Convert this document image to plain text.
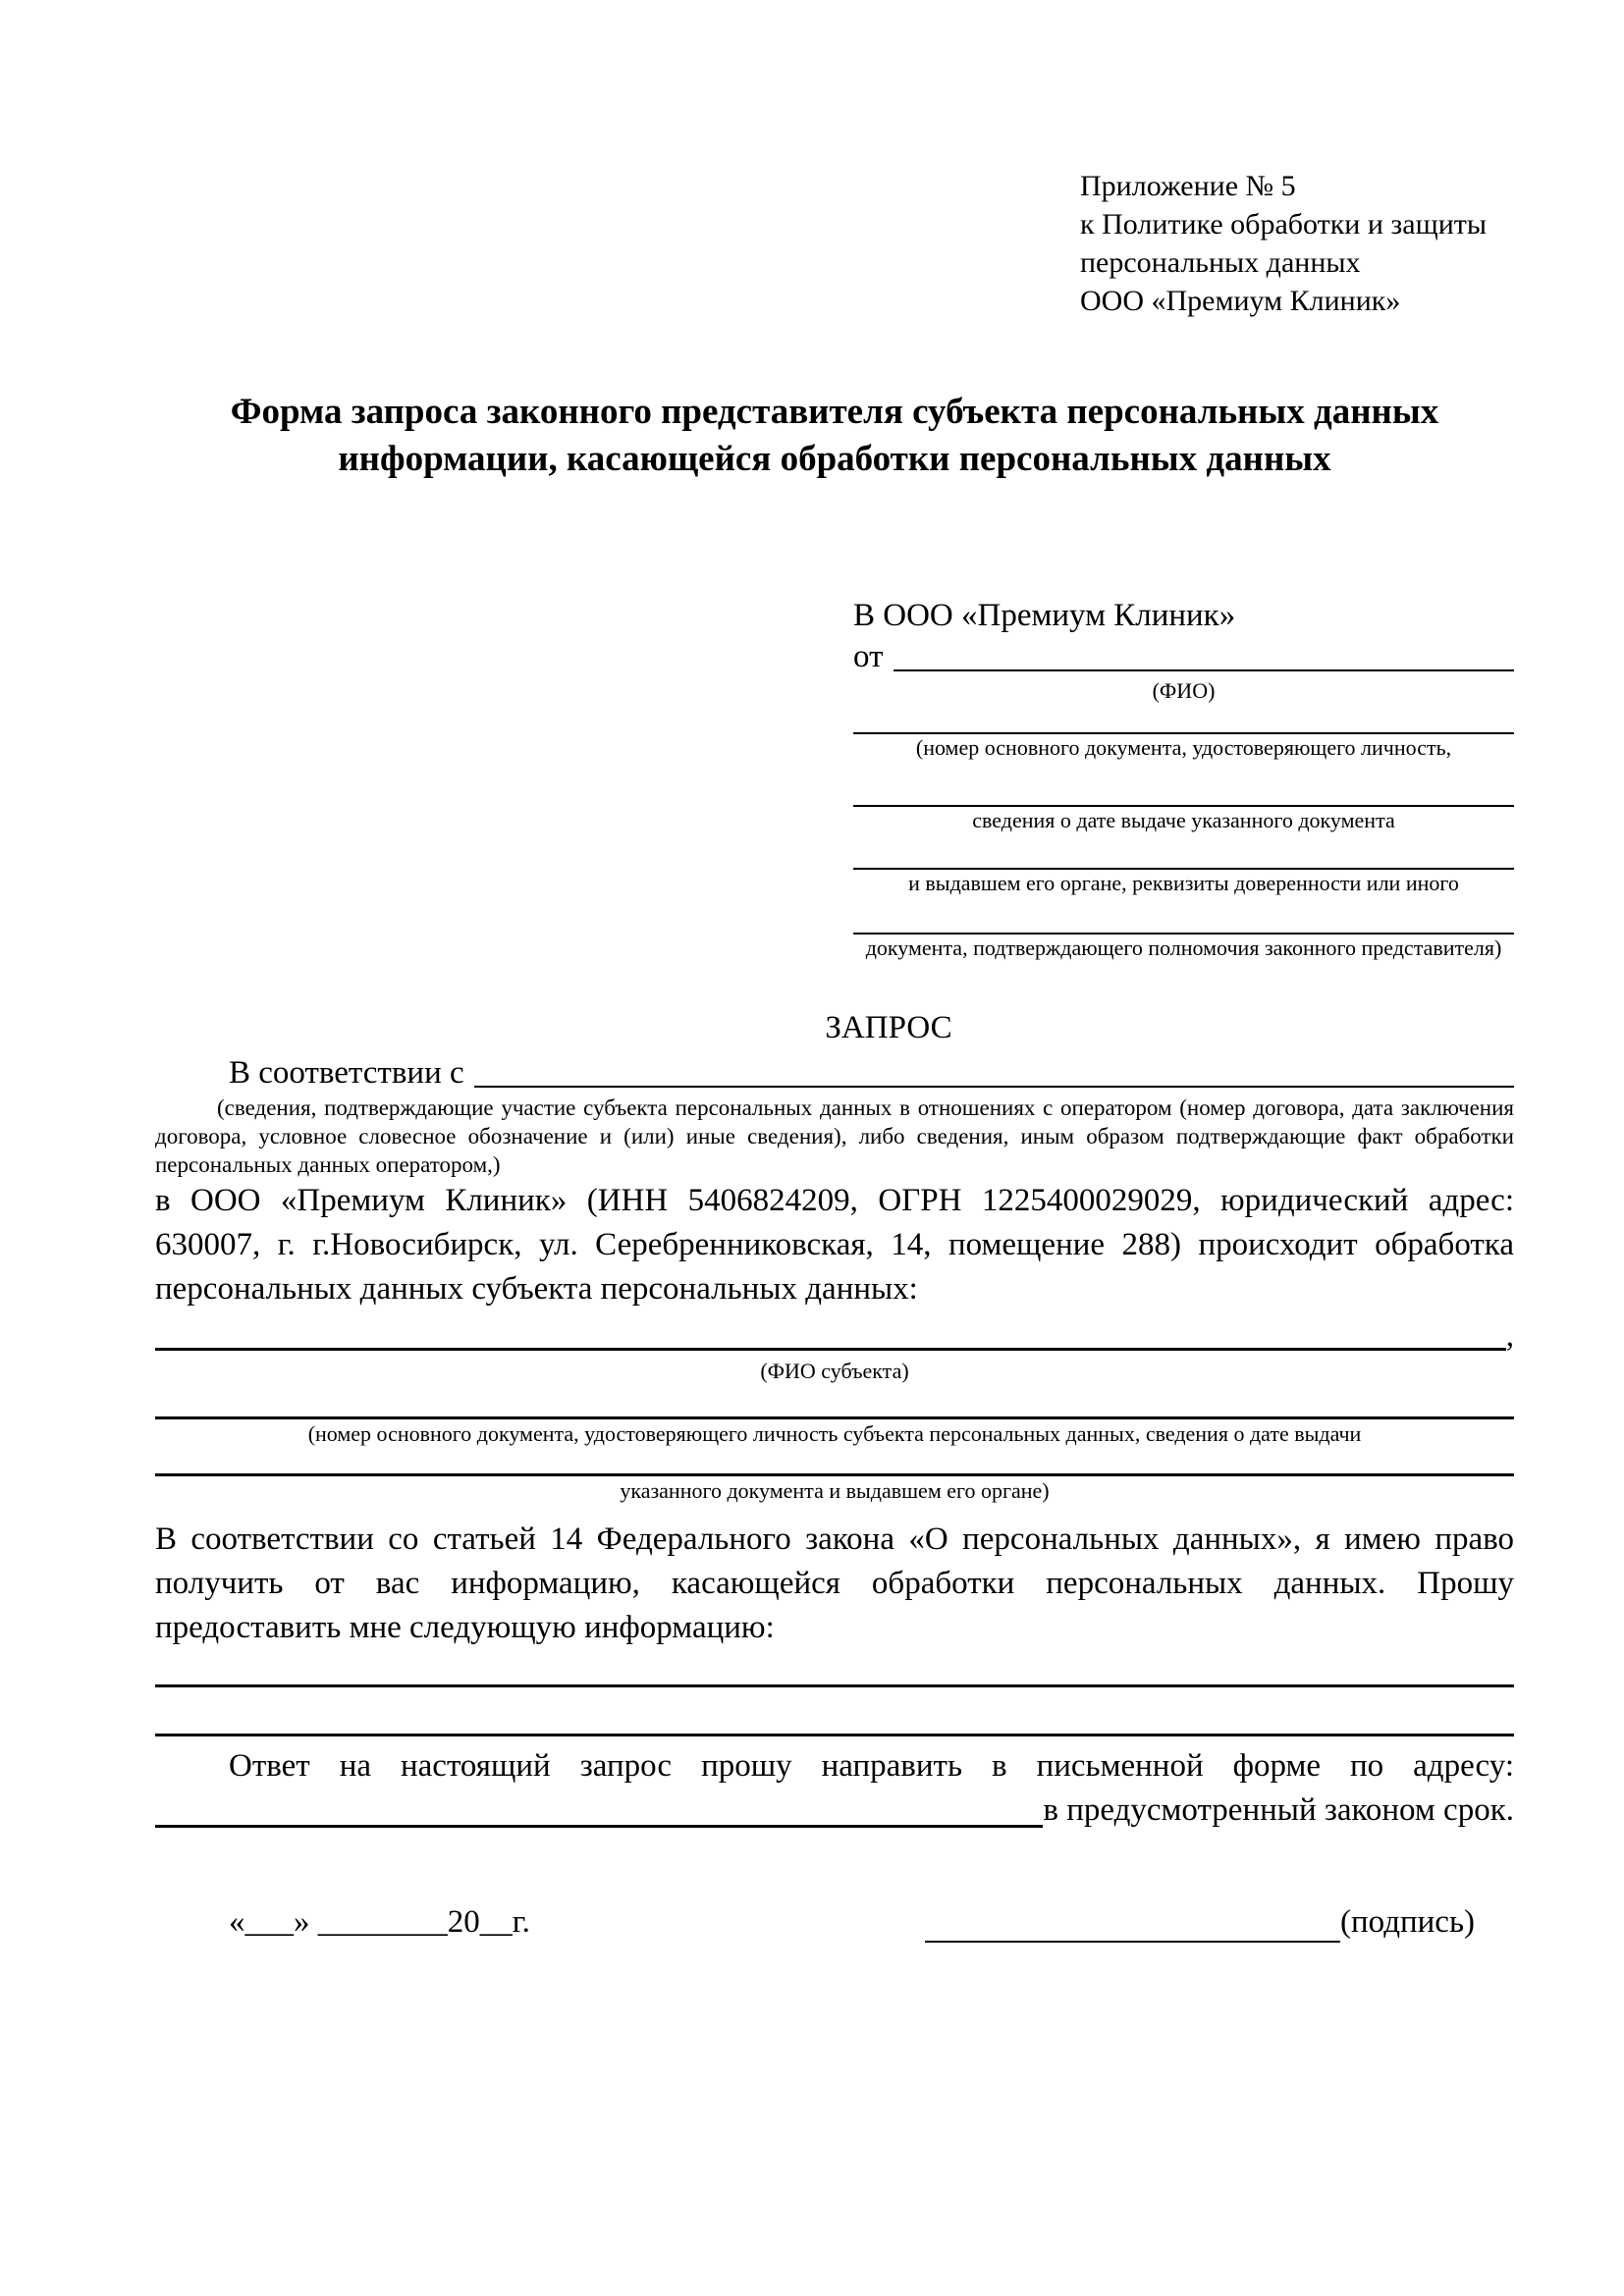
Приложение № 5
к Политике обработки и защиты
персональных данных
ООО «Премиум Клиник»
Форма запроса законного представителя субъекта персональных данных
информации, касающейся обработки персональных данных
В ООО «Премиум Клиник»
от
(ФИО)
(номер основного документа, удостоверяющего личность,
сведения о дате выдаче указанного документа
и выдавшем его органе, реквизиты доверенности или иного
документа, подтверждающего полномочия законного представителя)
ЗАПРОС
В соответствии с
(сведения, подтверждающие участие субъекта персональных данных в отношениях с оператором (номер договора, дата заключения договора, условное словесное обозначение и (или) иные сведения), либо сведения, иным образом подтверждающие факт обработки персональных данных оператором,)

в ООО «Премиум Клиник» (ИНН 5406824209, ОГРН 1225400029029, юридический адрес: 630007, г. г.Новосибирск, ул. Серебренниковская, 14, помещение 288) происходит обработка персональных данных субъекта персональных данных:

,
(ФИО субъекта)
(номер основного документа, удостоверяющего личность субъекта персональных данных, сведения о дате выдачи
указанного документа и выдавшем его органе)

В соответствии со статьей 14 Федерального закона «О персональных данных», я имею право получить от вас информацию, касающейся обработки персональных данных. Прошу предоставить мне следующую информацию:

Ответ на настоящий запрос прошу направить в письменной форме по адресу:

в предусмотренный законом срок.
«___» ________20__г.	(подпись)
